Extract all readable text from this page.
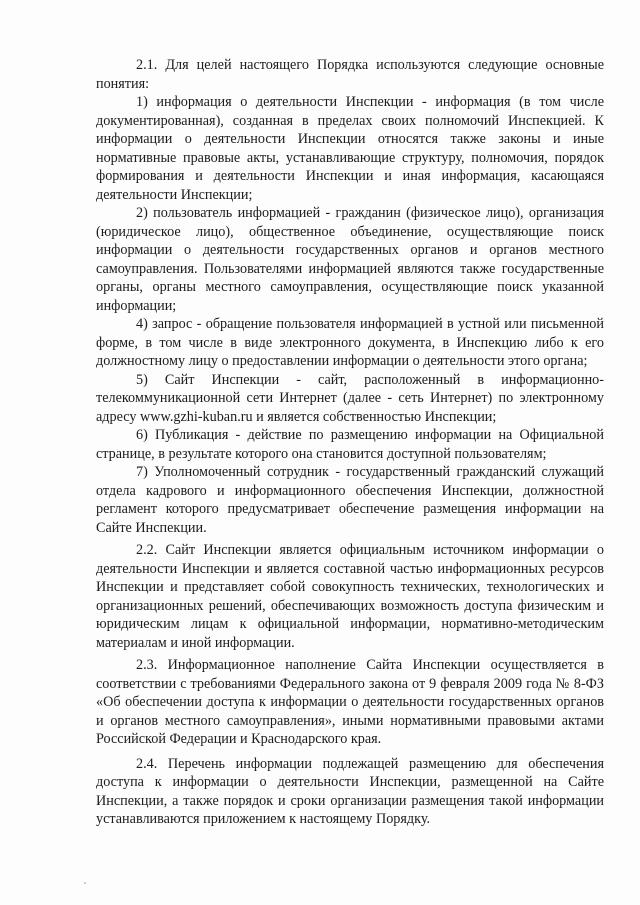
2.1. Для целей настоящего Порядка используются следующие основные понятия:

1) информация о деятельности Инспекции - информация (в том числе документированная), созданная в пределах своих полномочий Инспекцией. К информации о деятельности Инспекции относятся также законы и иные нормативные правовые акты, устанавливающие структуру, полномочия, порядок формирования и деятельности Инспекции и иная информация, касающаяся деятельности Инспекции;

2) пользователь информацией - гражданин (физическое лицо), организация (юридическое лицо), общественное объединение, осуществляющие поиск информации о деятельности государственных органов и органов местного самоуправления. Пользователями информацией являются также государственные органы, органы местного самоуправления, осуществляющие поиск указанной информации;

4) запрос - обращение пользователя информацией в устной или письменной форме, в том числе в виде электронного документа, в Инспекцию либо к его должностному лицу о предоставлении информации о деятельности этого органа;

5) Сайт Инспекции - сайт, расположенный в информационно-телекоммуникационной сети Интернет (далее - сеть Интернет) по электронному адресу www.gzhi-kuban.ru и является собственностью Инспекции;

6) Публикация - действие по размещению информации на Официальной странице, в результате которого она становится доступной пользователям;

7) Уполномоченный сотрудник - государственный гражданский служащий отдела кадрового и информационного обеспечения Инспекции, должностной регламент которого предусматривает обеспечение размещения информации на Сайте Инспекции.

2.2. Сайт Инспекции является официальным источником информации о деятельности Инспекции и является составной частью информационных ресурсов Инспекции и представляет собой совокупность технических, технологических и организационных решений, обеспечивающих возможность доступа физическим и юридическим лицам к официальной информации, нормативно-методическим материалам и иной информации.

2.3. Информационное наполнение Сайта Инспекции осуществляется в соответствии с требованиями Федерального закона от 9 февраля 2009 года № 8-ФЗ «Об обеспечении доступа к информации о деятельности государственных органов и органов местного самоуправления», иными нормативными правовыми актами Российской Федерации и Краснодарского края.

2.4. Перечень информации подлежащей размещению для обеспечения доступа к информации о деятельности Инспекции, размещенной на Сайте Инспекции, а также порядок и сроки организации размещения такой информации устанавливаются приложением к настоящему Порядку.
